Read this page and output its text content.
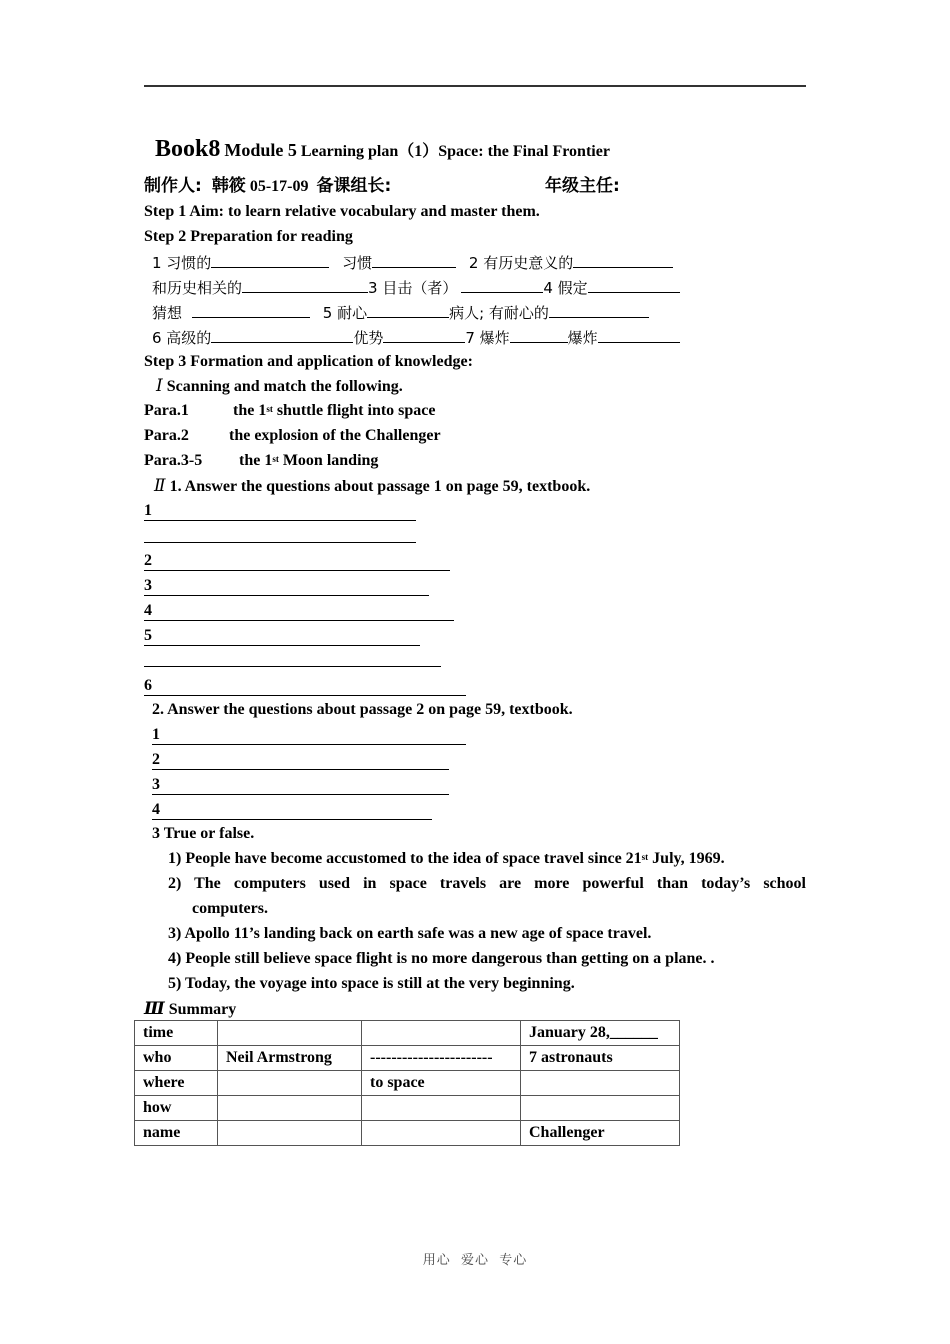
Book8 Module 5 Learning plan（1）Space: the Final Frontier
制作人: 韩筱 05-17-09 备课组长:	年级主任:
Step 1 Aim: to learn relative vocabulary and master them.
Step 2 Preparation for reading
1 习惯的	习惯	2 有历史意义的
和历史相关的	3 目击（者）	4 假定
猜想	5 耐心	病人; 有耐心的
6 高级的	优势	7 爆炸	爆炸
Step 3 Formation and application of knowledge:
Ⅰ Scanning and match the following.
Para.1	the 1st shuttle flight into space
Para.2	the explosion of the Challenger
Para.3-5 the 1st Moon landing
Ⅱ 1. Answer the questions about passage 1 on page 59, textbook.
1
2
3
4
5
6
2. Answer the questions about passage 2 on page 59, textbook.
1
2
3
4
3 True or false.
1) People have become accustomed to the idea of space travel since 21st July, 1969.
2) The computers used in space travels are more powerful than today’s school
computers.
3) Apollo 11’s landing back on earth safe was a new age of space travel.
4) People still believe space flight is no more dangerous than getting on a plane. .
5) Today, the voyage into space is still at the very beginning.
Ⅲ Summary
time			January 28,______
who	Neil Armstrong	-----------------------	7 astronauts
where		to space	
how			
name			Challenger
用心  爱心  专心
